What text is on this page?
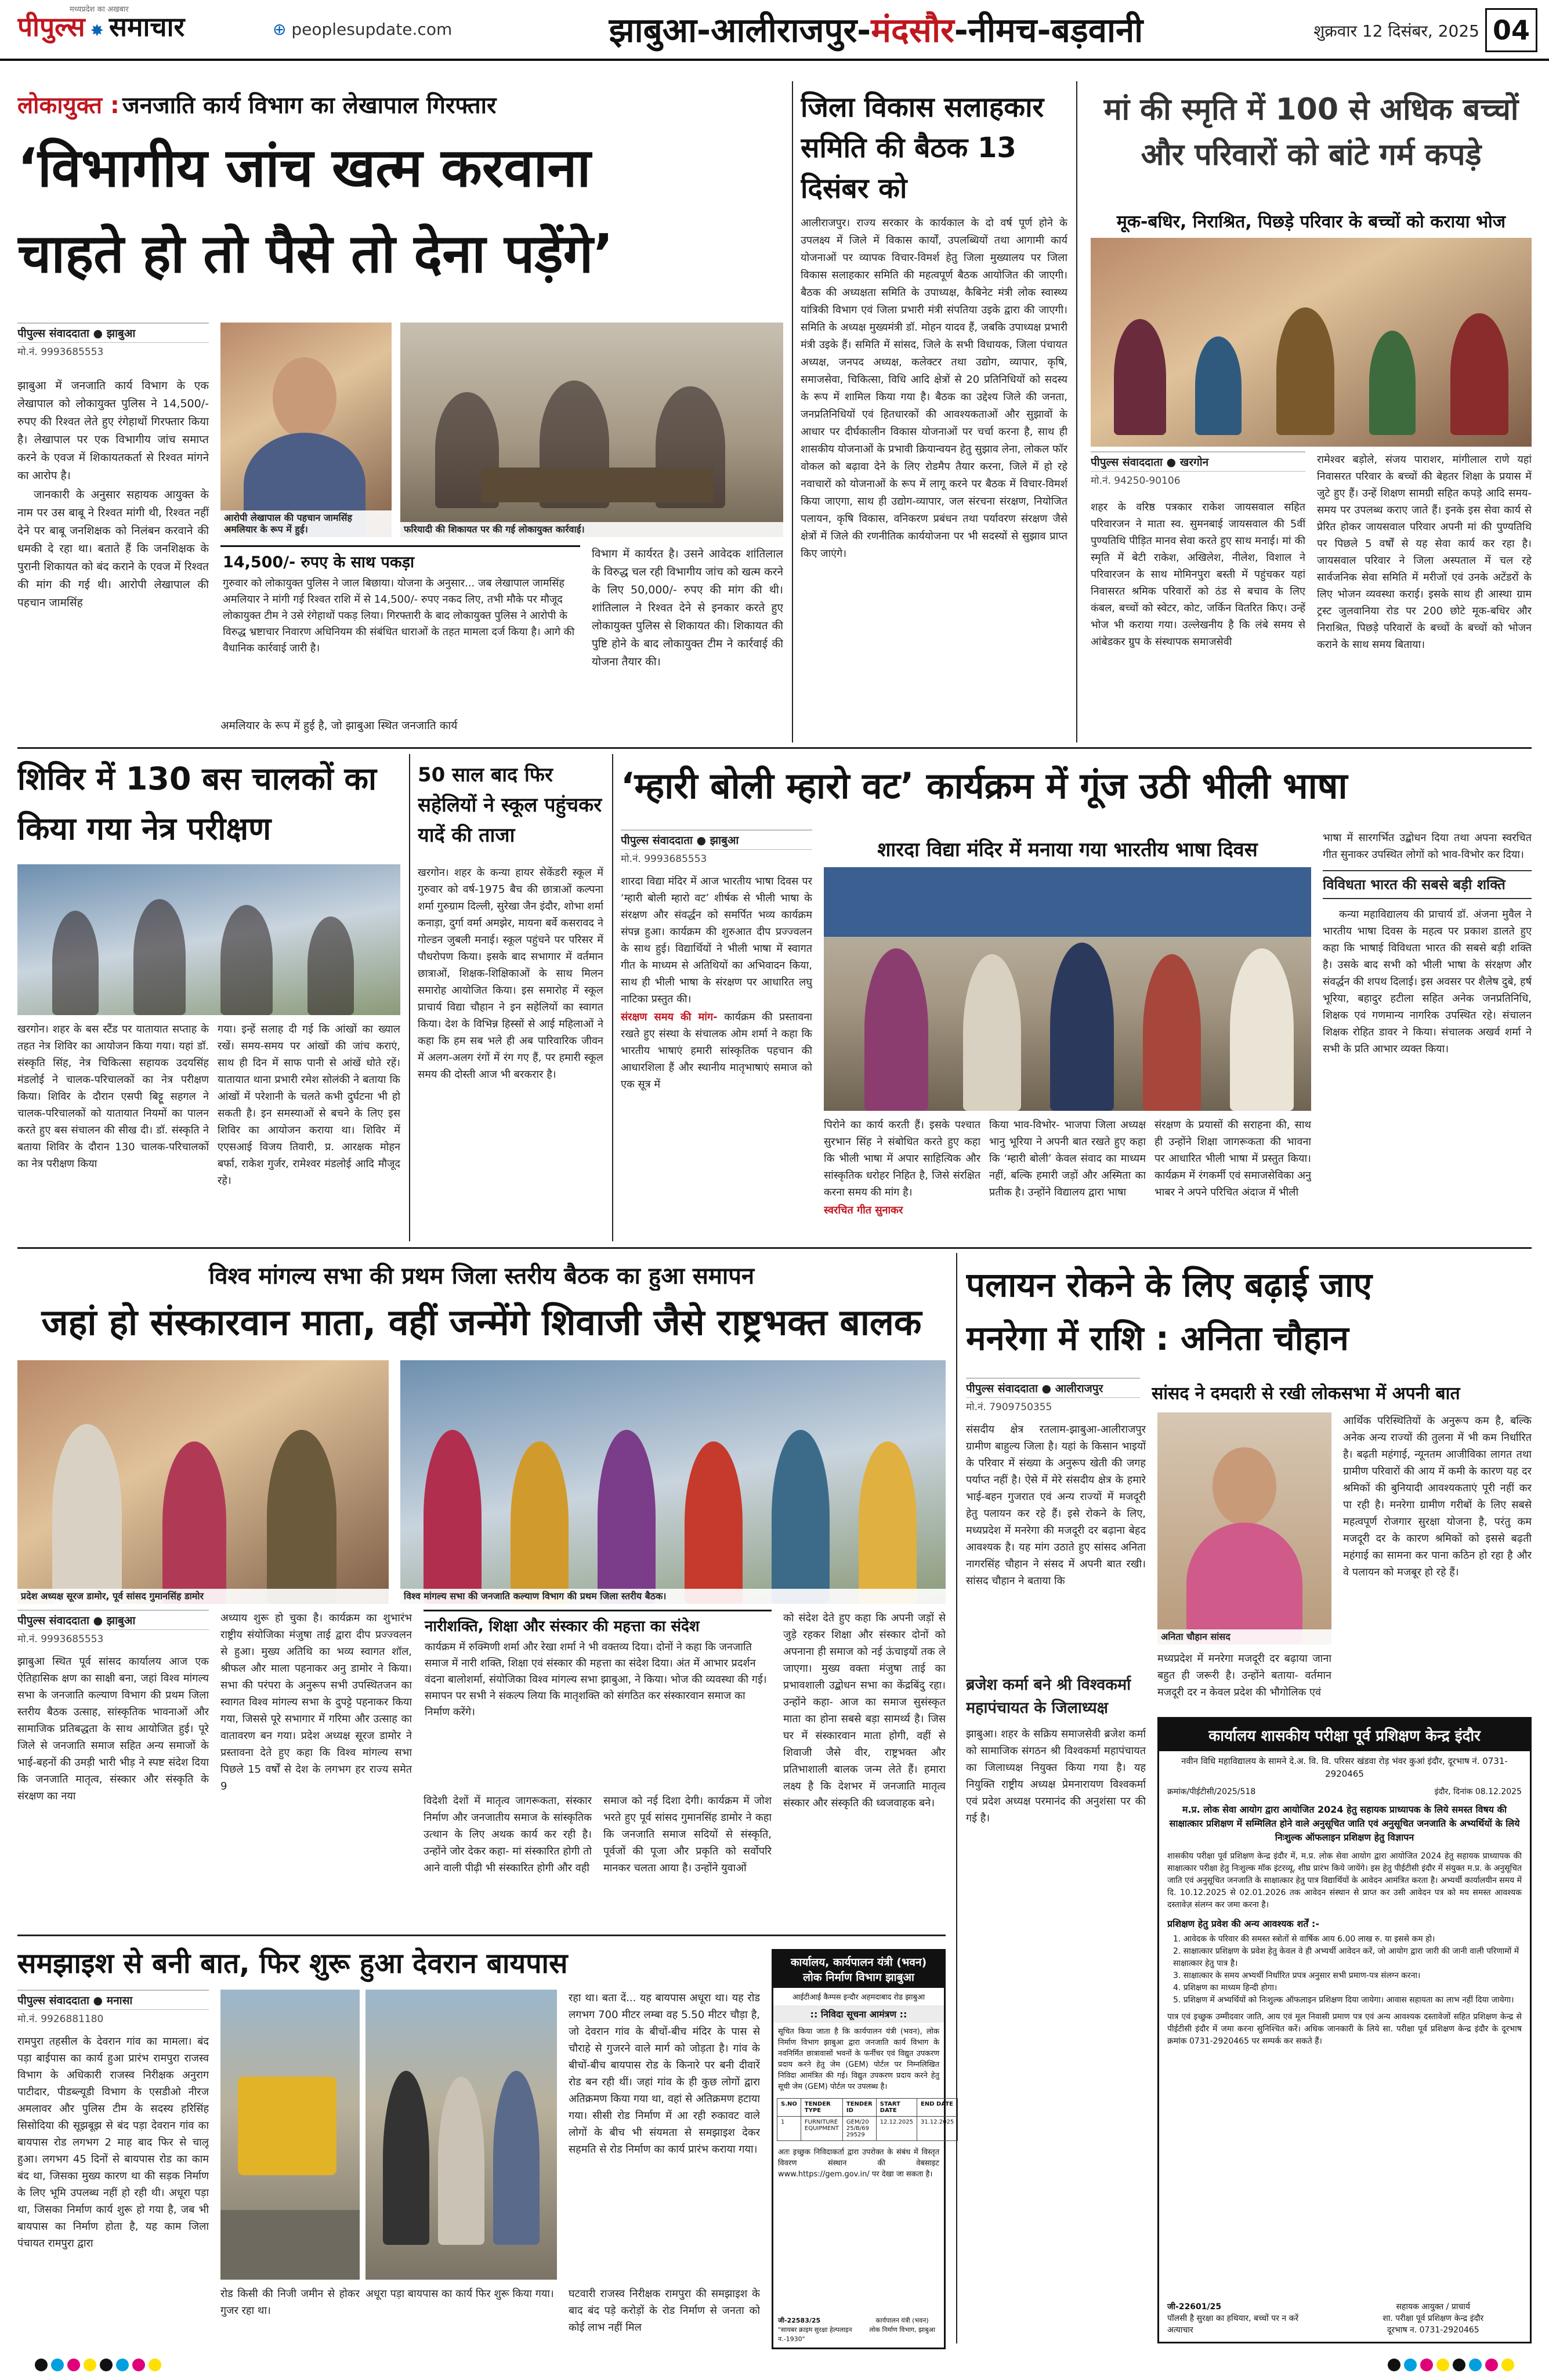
पीपुल्स ✸ समाचार
मध्यप्रदेश का अखबार
⊕ peoplesupdate.com	झाबुआ-आलीराजपुर-मंदसौर-नीमच-बड़वानी	शुक्रवार 12 दिसंबर, 2025 04
लोकायुक्त : जनजाति कार्य विभाग का लेखापाल गिरफ्तार
‘विभागीय जांच खत्म करवाना
चाहते हो तो पैसे तो देना पड़ेंगे’
पीपुल्स संवाददाता ● झाबुआ
मो.नं. 9993685553

झाबुआ में जनजाति कार्य विभाग के एक लेखापाल को लोकायुक्त पुलिस ने 14,500/- रुपए की रिश्वत लेते हुए रंगेहाथों गिरफ्तार किया है। लेखापाल पर एक विभागीय जांच समाप्त करने के एवज में शिकायतकर्ता से रिश्वत मांगने का आरोप है।

जानकारी के अनुसार सहायक आयुक्त के नाम पर उस बाबू ने रिश्वत मांगी थी, रिश्वत नहीं देने पर बाबू जनशिक्षक को निलंबन करवाने की धमकी दे रहा था। बताते हैं कि जनशिक्षक के पुरानी शिकायत को बंद कराने के एवज में रिश्वत की मांग की गई थी। आरोपी लेखापाल की पहचान जामसिंह

आरोपी लेखापाल की पहचान जामसिंह अमलियार के रूप में हुई।	फरियादी की शिकायत पर की गई लोकायुक्त कार्रवाई।
14,500/- रुपए के साथ पकड़ा
गुरुवार को लोकायुक्त पुलिस ने जाल बिछाया। योजना के अनुसार... जब लेखापाल जामसिंह अमलियार ने मांगी गई रिश्वत राशि में से 14,500/- रुपए नकद लिए, तभी मौके पर मौजूद लोकायुक्त टीम ने उसे रंगेहाथों पकड़ लिया। गिरफ्तारी के बाद लोकायुक्त पुलिस ने आरोपी के विरुद्ध भ्रष्टाचार निवारण अधिनियम की संबंधित धाराओं के तहत मामला दर्ज किया है। आगे की वैधानिक कार्रवाई जारी है।
अमलियार के रूप में हुई है, जो झाबुआ स्थित जनजाति कार्य
विभाग में कार्यरत है। उसने आवेदक शांतिलाल के विरुद्ध चल रही विभागीय जांच को खत्म करने के लिए 50,000/- रुपए की मांग की थी। शांतिलाल ने रिश्वत देने से इनकार करते हुए लोकायुक्त पुलिस से शिकायत की। शिकायत की पुष्टि होने के बाद लोकायुक्त टीम ने कार्रवाई की योजना तैयार की।
जिला विकास सलाहकार समिति की बैठक 13 दिसंबर को
आलीराजपुर। राज्य सरकार के कार्यकाल के दो वर्ष पूर्ण होने के उपलक्ष्य में जिले में विकास कार्यों, उपलब्धियों तथा आगामी कार्य योजनाओं पर व्यापक विचार-विमर्श हेतु जिला मुख्यालय पर जिला विकास सलाहकार समिति की महत्वपूर्ण बैठक आयोजित की जाएगी। बैठक की अध्यक्षता समिति के उपाध्यक्ष, कैबिनेट मंत्री लोक स्वास्थ्य यांत्रिकी विभाग एवं जिला प्रभारी मंत्री संपतिया उइके द्वारा की जाएगी। समिति के अध्यक्ष मुख्यमंत्री डॉ. मोहन यादव हैं, जबकि उपाध्यक्ष प्रभारी मंत्री उइके हैं। समिति में सांसद, जिले के सभी विधायक, जिला पंचायत अध्यक्ष, जनपद अध्यक्ष, कलेक्टर तथा उद्योग, व्यापार, कृषि, समाजसेवा, चिकित्सा, विधि आदि क्षेत्रों से 20 प्रतिनिधियों को सदस्य के रूप में शामिल किया गया है। बैठक का उद्देश्य जिले की जनता, जनप्रतिनिधियों एवं हितधारकों की आवश्यकताओं और सुझावों के आधार पर दीर्घकालीन विकास योजनाओं पर चर्चा करना है, साथ ही शासकीय योजनाओं के प्रभावी क्रियान्वयन हेतु सुझाव लेना, लोकल फॉर वोकल को बढ़ावा देने के लिए रोडमैप तैयार करना, जिले में हो रहे नवाचारों को योजनाओं के रूप में लागू करने पर बैठक में विचार-विमर्श किया जाएगा, साथ ही उद्योग-व्यापार, जल संरचना संरक्षण, नियोजित पलायन, कृषि विकास, वनिकरण प्रबंधन तथा पर्यावरण संरक्षण जैसे क्षेत्रों में जिले की रणनीतिक कार्ययोजना पर भी सदस्यों से सुझाव प्राप्त किए जाएंगे।
मां की स्मृति में 100 से अधिक बच्चों और परिवारों को बांटे गर्म कपड़े
मूक-बधिर, निराश्रित, पिछड़े परिवार के बच्चों को कराया भोज
पीपुल्स संवाददाता ● खरगोन
मो.नं. 94250-90106
शहर के वरिष्ठ पत्रकार राकेश जायसवाल सहित परिवारजन ने माता स्व. सुमनबाई जायसवाल की 5वीं पुण्यतिथि पीड़ित मानव सेवा करते हुए साथ मनाई। मां की स्मृति में बेटी राकेश, अखिलेश, नीलेश, विशाल ने परिवारजन के साथ मोमिनपुरा बस्ती में पहुंचकर यहां निवासरत श्रमिक परिवारों को ठंड से बचाव के लिए कंबल, बच्चों को स्वेटर, कोट, जर्किन वितरित किए। उन्हें भोज भी कराया गया। उल्लेखनीय है कि लंबे समय से आंबेडकर ग्रुप के संस्थापक समाजसेवी
रामेश्वर बड़ोले, संजय पाराशर, मांगीलाल राणे यहां निवासरत परिवार के बच्चों की बेहतर शिक्षा के प्रयास में जुटे हुए हैं। उन्हें शिक्षण सामग्री सहित कपड़े आदि समय-समय पर उपलब्ध कराए जाते हैं। इनके इस सेवा कार्य से प्रेरित होकर जायसवाल परिवार अपनी मां की पुण्यतिथि पर पिछले 5 वर्षों से यह सेवा कार्य कर रहा है। जायसवाल परिवार ने जिला अस्पताल में चल रहे सार्वजनिक सेवा समिति में मरीजों एवं उनके अटेंडरों के लिए भोजन व्यवस्था कराई। इसके साथ ही आस्था ग्राम ट्रस्ट जुलवानिया रोड पर 200 छोटे मूक-बधिर और निराश्रित, पिछड़े परिवारों के बच्चों के बच्चों को भोजन कराने के साथ समय बिताया।
शिविर में 130 बस चालकों का किया गया नेत्र परीक्षण
खरगोन। शहर के बस स्टैंड पर यातायात सप्ताह के तहत नेत्र शिविर का आयोजन किया गया। यहां डॉ. संस्कृति सिंह, नेत्र चिकित्सा सहायक उदयसिंह मंडलोई ने चालक-परिचालकों का नेत्र परीक्षण किया। शिविर के दौरान एसपी बिट्टू सहगल ने चालक-परिचालकों को यातायात नियमों का पालन करते हुए बस संचालन की सीख दी। डॉ. संस्कृति ने बताया शिविर के दौरान 130 चालक-परिचालकों का नेत्र परीक्षण किया
गया। इन्हें सलाह दी गई कि आंखों का ख्याल रखें। समय-समय पर आंखों की जांच कराएं, साथ ही दिन में साफ पानी से आंखें धोते रहें। यातायात थाना प्रभारी रमेश सोलंकी ने बताया कि आंखों में परेशानी के चलते कभी दुर्घटना भी हो सकती है। इन समस्याओं से बचने के लिए इस शिविर का आयोजन कराया था। शिविर में एएसआई विजय तिवारी, प्र. आरक्षक मोहन बर्फा, राकेश गुर्जर, रामेश्वर मंडलोई आदि मौजूद रहे।
50 साल बाद फिर सहेलियों ने स्कूल पहुंचकर यादें की ताजा
खरगोन। शहर के कन्या हायर सेकेंडरी स्कूल में गुरुवार को वर्ष-1975 बैच की छात्राओं कल्पना शर्मा गुरुग्राम दिल्ली, सुरेखा जैन इंदौर, शोभा शर्मा कनाड़ा, दुर्गा वर्मा अमझेर, मायना बर्वे कसरावद ने गोल्डन जुबली मनाई। स्कूल पहुंचने पर परिसर में पौधरोपण किया। इसके बाद सभागार में वर्तमान छात्राओं, शिक्षक-शिक्षिकाओं के साथ मिलन समारोह आयोजित किया। इस समारोह में स्कूल प्राचार्य विद्या चौहान ने इन सहेलियों का स्वागत किया। देश के विभिन्न हिस्सों से आई महिलाओं ने कहा कि हम सब भले ही अब पारिवारिक जीवन में अलग-अलग रंगों में रंग गए हैं, पर हमारी स्कूल समय की दोस्ती आज भी बरकरार है।
‘म्हारी बोली म्हारो वट’ कार्यक्रम में गूंज उठी भीली भाषा
पीपुल्स संवाददाता ● झाबुआ
मो.नं. 9993685553

शारदा विद्या मंदिर में आज भारतीय भाषा दिवस पर ‘म्हारी बोली म्हारो वट’ शीर्षक से भीली भाषा के संरक्षण और संवर्द्धन को समर्पित भव्य कार्यक्रम संपन्न हुआ। कार्यक्रम की शुरुआत दीप प्रज्ज्वलन के साथ हुई। विद्यार्थियों ने भीली भाषा में स्वागत गीत के माध्यम से अतिथियों का अभिवादन किया, साथ ही भीली भाषा के संरक्षण पर आधारित लघु नाटिका प्रस्तुत की।

संरक्षण समय की मांग- कार्यक्रम की प्रस्तावना रखते हुए संस्था के संचालक ओम शर्मा ने कहा कि भारतीय भाषाएं हमारी सांस्कृतिक पहचान की आधारशिला हैं और स्थानीय मातृभाषाएं समाज को एक सूत्र में

शारदा विद्या मंदिर में मनाया गया भारतीय भाषा दिवस

पिरोने का कार्य करती हैं। इसके पश्चात सुरभान सिंह ने संबोधित करते हुए कहा कि भीली भाषा में अपार साहित्यिक और सांस्कृतिक धरोहर निहित है, जिसे संरक्षित करना समय की मांग है।

स्वरचित गीत सुनाकर

किया भाव-विभोर- भाजपा जिला अध्यक्ष भानु भूरिया ने अपनी बात रखते हुए कहा कि ‘म्हारी बोली’ केवल संवाद का माध्यम नहीं, बल्कि हमारी जड़ों और अस्मिता का प्रतीक है। उन्होंने विद्यालय द्वारा भाषा
संरक्षण के प्रयासों की सराहना की, साथ ही उन्होंने शिक्षा जागरूकता की भावना पर आधारित भीली भाषा में प्रस्तुत किया। कार्यक्रम में रंगकर्मी एवं समाजसेविका अनु भाबर ने अपने परिचित अंदाज में भीली

भाषा में सारगर्भित उद्बोधन दिया तथा अपना स्वरचित गीत सुनाकर उपस्थित लोगों को भाव-विभोर कर दिया।

विविधता भारत की सबसे बड़ी शक्ति

कन्या महाविद्यालय की प्राचार्य डॉ. अंजना मुवैल ने भारतीय भाषा दिवस के महत्व पर प्रकाश डालते हुए कहा कि भाषाई विविधता भारत की सबसे बड़ी शक्ति है। उसके बाद सभी को भीली भाषा के संरक्षण और संवर्द्धन की शपथ दिलाई। इस अवसर पर शैलेष दुबे, हर्ष भूरिया, बहादुर हटीला सहित अनेक जनप्रतिनिधि, शिक्षक एवं गणमान्य नागरिक उपस्थित रहे। संचालन शिक्षक रोहित डावर ने किया। संचालक अखर्व शर्मा ने सभी के प्रति आभार व्यक्त किया।

विश्व मांगल्य सभा की प्रथम जिला स्तरीय बैठक का हुआ समापन
जहां हो संस्कारवान माता, वहीं जन्मेंगे शिवाजी जैसे राष्ट्रभक्त बालक
प्रदेश अध्यक्ष सूरज डामोर, पूर्व सांसद गुमानसिंह डामोर	विश्व मांगल्य सभा की जनजाति कल्याण विभाग की प्रथम जिला स्तरीय बैठक।
पीपुल्स संवाददाता ● झाबुआ
मो.नं. 9993685553
झाबुआ स्थित पूर्व सांसद कार्यालय आज एक ऐतिहासिक क्षण का साक्षी बना, जहां विश्व मांगल्य सभा के जनजाति कल्याण विभाग की प्रथम जिला स्तरीय बैठक उत्साह, सांस्कृतिक भावनाओं और सामाजिक प्रतिबद्धता के साथ आयोजित हुई। पूरे जिले से जनजाति समाज सहित अन्य समाजों के भाई-बहनों की उमड़ी भारी भीड़ ने स्पष्ट संदेश दिया कि जनजाति मातृत्व, संस्कार और संस्कृति के संरक्षण का नया
अध्याय शुरू हो चुका है। कार्यक्रम का शुभारंभ राष्ट्रीय संयोजिका मंजुषा ताई द्वारा दीप प्रज्ज्वलन से हुआ। मुख्य अतिथि का भव्य स्वागत शॉल, श्रीफल और माला पहनाकर अनु डामोर ने किया। सभा की परंपरा के अनुरूप सभी उपस्थितजन का स्वागत विश्व मांगल्य सभा के दुपट्टे पहनाकर किया गया, जिससे पूरे सभागार में गरिमा और उत्साह का वातावरण बन गया। प्रदेश अध्यक्ष सूरज डामोर ने प्रस्तावना देते हुए कहा कि विश्व मांगल्य सभा पिछले 15 वर्षों से देश के लगभग हर राज्य समेत 9
नारीशक्ति, शिक्षा और संस्कार की महत्ता का संदेश
कार्यक्रम में रुक्मिणी शर्मा और रेखा शर्मा ने भी वक्तव्य दिया। दोनों ने कहा कि जनजाति समाज में नारी शक्ति, शिक्षा एवं संस्कार की महत्ता का संदेश दिया। अंत में आभार प्रदर्शन वंदना बालोशर्मा, संयोजिका विश्व मांगल्य सभा झाबुआ, ने किया। भोज की व्यवस्था की गई। समापन पर सभी ने संकल्प लिया कि मातृशक्ति को संगठित कर संस्कारवान समाज का निर्माण करेंगे।
विदेशी देशों में मातृत्व जागरूकता, संस्कार निर्माण और जनजातीय समाज के सांस्कृतिक उत्थान के लिए अथक कार्य कर रही है। उन्होंने जोर देकर कहा- मां संस्कारित होगी तो आने वाली पीढ़ी भी संस्कारित होगी और वही
समाज को नई दिशा देगी। कार्यक्रम में जोश भरते हुए पूर्व सांसद गुमानसिंह डामोर ने कहा कि जनजाति समाज सदियों से संस्कृति, पूर्वजों की पूजा और प्रकृति को सर्वोपरि मानकर चलता आया है। उन्होंने युवाओं
को संदेश देते हुए कहा कि अपनी जड़ों से जुड़े रहकर शिक्षा और संस्कार दोनों को अपनाना ही समाज को नई ऊंचाइयों तक ले जाएगा। मुख्य वक्ता मंजुषा ताई का प्रभावशाली उद्बोधन सभा का केंद्रबिंदु रहा। उन्होंने कहा- आज का समाज सुसंस्कृत माता का होना सबसे बड़ा सामर्थ्य है। जिस घर में संस्कारवान माता होगी, वहीं से शिवाजी जैसे वीर, राष्ट्रभक्त और प्रतिभाशाली बालक जन्म लेते हैं। हमारा लक्ष्य है कि देशभर में जनजाति मातृत्व संस्कार और संस्कृति की ध्वजवाहक बने।
पलायन रोकने के लिए बढ़ाई जाए
मनरेगा में राशि : अनिता चौहान
पीपुल्स संवाददाता ● आलीराजपुर
मो.नं. 7909750355
सांसद ने दमदारी से रखी लोकसभा में अपनी बात
संसदीय क्षेत्र रतलाम-झाबुआ-आलीराजपुर ग्रामीण बाहुल्य जिला है। यहां के किसान भाइयों के परिवार में संख्या के अनुरूप खेती की जगह पर्याप्त नहीं है। ऐसे में मेरे संसदीय क्षेत्र के हमारे भाई-बहन गुजरात एवं अन्य राज्यों में मजदूरी हेतु पलायन कर रहे हैं। इसे रोकने के लिए, मध्यप्रदेश में मनरेगा की मजदूरी दर बढ़ाना बेहद आवश्यक है। यह मांग उठाते हुए सांसद अनिता नागरसिंह चौहान ने संसद में अपनी बात रखी। सांसद चौहान ने बताया कि
अनिता चौहान सांसद
आर्थिक परिस्थितियों के अनुरूप कम है, बल्कि अनेक अन्य राज्यों की तुलना में भी कम निर्धारित है। बढ़ती महंगाई, न्यूनतम आजीविका लागत तथा ग्रामीण परिवारों की आय में कमी के कारण यह दर श्रमिकों की बुनियादी आवश्यकताएं पूरी नहीं कर पा रही है। मनरेगा ग्रामीण गरीबों के लिए सबसे महत्वपूर्ण रोजगार सुरक्षा योजना है, परंतु कम मजदूरी दर के कारण श्रमिकों को इससे बढ़ती महंगाई का सामना कर पाना कठिन हो रहा है और वे पलायन को मजबूर हो रहे हैं।
मध्यप्रदेश में मनरेगा मजदूरी दर बढ़ाया जाना बहुत ही जरूरी है। उन्होंने बताया- वर्तमान मजदूरी दर न केवल प्रदेश की भौगोलिक एवं
ब्रजेश कर्मा बने श्री विश्वकर्मा महापंचायत के जिलाध्यक्ष
झाबुआ। शहर के सक्रिय समाजसेवी ब्रजेश कर्मा को सामाजिक संगठन श्री विश्वकर्मा महापंचायत का जिलाध्यक्ष नियुक्त किया गया है। यह नियुक्ति राष्ट्रीय अध्यक्ष प्रेमनारायण विश्वकर्मा एवं प्रदेश अध्यक्ष परमानंद की अनुशंसा पर की गई है।
कार्यालय शासकीय परीक्षा पूर्व प्रशिक्षण केन्द्र इंदौर
नवीन विधि महाविद्यालय के सामने दे.अ. वि. वि. परिसर खंडवा रोड़ भंवर कुआं इंदौर, दूरभाष नं. 0731-2920465
क्रमांक/पीईटीसी/2025/518	इंदौर, दिनांक 08.12.2025
म.प्र. लोक सेवा आयोग द्वारा आयोजित 2024 हेतु सहायक प्राध्यापक के लिये समस्त विषय की साक्षात्कार प्रशिक्षण में सम्मिलित होने वाले अनुसूचित जाति एवं अनुसूचित जनजाति के अभ्यर्थियों के लिये निःशुल्क ऑफलाइन प्रशिक्षण हेतु विज्ञापन
शासकीय परीक्षा पूर्व प्रशिक्षण केन्द्र इंदौर में, म.प्र. लोक सेवा आयोग द्वारा आयोजित 2024 हेतु सहायक प्राध्यापक की साक्षात्कार परीक्षा हेतु निःशुल्क मॉक इंटरव्यू, शीघ्र प्रारंभ किये जायेंगे। इस हेतु पीईटीसी इंदौर में संयुक्त म.प्र. के अनुसूचित जाति एवं अनुसूचित जनजाति के साक्षात्कार हेतु पात्र विद्यार्थियों के आवेदन आमंत्रित करता है। अभ्यर्थी कार्यालयीन समय में दि. 10.12.2025 से 02.01.2026 तक आवेदन संस्थान से प्राप्त कर उसी आवेदन पत्र को मय समस्त आवश्यक दस्तावेज़ संलग्न कर जमा करना है।
प्रशिक्षण हेतु प्रवेश की अन्य आवश्यक शर्तें :-
1. आवेदक के परिवार की समस्त स्त्रोतों से वार्षिक आय 6.00 लाख रु. या इससे कम हो।
2. साक्षात्कार प्रशिक्षण के प्रवेश हेतु केवल वे ही अभ्यर्थी आवेदन करें, जो आयोग द्वारा जारी की जानी वाली परिणामों में साक्षात्कार हेतु पात्र है।
3. साक्षात्कार के समय अभ्यर्थी निर्धारित प्रपत्र अनुसार सभी प्रमाण-पत्र संलग्न करना।
4. प्रशिक्षण का माध्यम हिन्दी होगा।
5. प्रशिक्षण में अभ्यर्थियों को निःशुल्क ऑफलाइन प्रशिक्षण दिया जायेगा। आवास सहायता का लाभ नहीं दिया जायेगा।
पात्र एवं इच्छुक उम्मीदवार जाति, आय एवं मूल निवासी प्रमाण पत्र एवं अन्य आवश्यक दस्तावेजों सहित प्रशिक्षण केन्द्र से पीईटीसी इंदौर में जमा करना सुनिश्चित करें। अधिक जानकारी के लिये सा. परीक्षा पूर्व प्रशिक्षण केन्द्र इंदौर के दूरभाष क्रमांक 0731-2920465 पर सम्पर्क कर सकते हैं।
जी-22601/25
पॉलसी है सुरक्षा का हथियार, बच्चों पर न करें अत्याचार
सहायक आयुक्त / प्राचार्य
शा. परीक्षा पूर्व प्रशिक्षण केन्द्र इंदौर
दूरभाष न. 0731-2920465
समझाइश से बनी बात, फिर शुरू हुआ देवरान बायपास
पीपुल्स संवाददाता ● मनासा
मो.नं. 9926881180
रामपुरा तहसील के देवरान गांव का मामला। बंद पड़ा बाईपास का कार्य हुआ प्रारंभ रामपुरा राजस्व विभाग के अधिकारी राजस्व निरीक्षक अनुराग पाटीदार, पीडब्ल्यूडी विभाग के एसडीओ नीरज अमलावर और पुलिस टीम के सदस्य हरिसिंह सिसोदिया की सूझबूझ से बंद पड़ा देवरान गांव का बायपास रोड लगभग 2 माह बाद फिर से चालू हुआ। लगभग 45 दिनों से बायपास रोड का काम बंद था, जिसका मुख्य कारण था की सड़क निर्माण के लिए भूमि उपलब्ध नहीं हो रही थी। अधूरा पड़ा था, जिसका निर्माण कार्य शुरू हो गया है, जब भी बायपास का निर्माण होता है, यह काम जिला पंचायत रामपुरा द्वारा
रोड किसी की निजी जमीन से होकर गुजर रहा था।
अधूरा पड़ा बायपास का कार्य फिर शुरू किया गया।
रहा था। बता दें... यह बायपास अधूरा था। यह रोड लगभग 700 मीटर लम्बा वह 5.50 मीटर चौड़ा है, जो देवरान गांव के बीचों-बीच मंदिर के पास से चौराहे से गुजरने वाले मार्ग को जोड़ता है। गांव के बीचों-बीच बायपास रोड के किनारे पर बनी दीवारें रोड बन रही थीं। जहां गांव के ही कुछ लोगों द्वारा अतिक्रमण किया गया था, वहां से अतिक्रमण हटाया गया। सीसी रोड निर्माण में आ रही रुकावट वाले लोगों के बीच भी संयमता से समझाइश देकर सहमति से रोड निर्माण का कार्य प्रारंभ कराया गया।
घटवारी राजस्व निरीक्षक रामपुरा की समझाइश के बाद बंद पड़े करोड़ों के रोड निर्माण से जनता को कोई लाभ नहीं मिल
कार्यालय, कार्यपालन यंत्री (भवन)
लोक निर्माण विभाग झाबुआ
आईटीआई कैम्पस इन्दौर अहमदाबाद रोड झाबुआ
:: निविदा सूचना आमंत्रण ::
सूचित किया जाता है कि कार्यपालन यंत्री (भवन), लोक निर्माण विभाग झाबुआ द्वारा जनजाति कार्य विभाग के नवनिर्मित छात्रावासों भवनों के फर्नीचर एवं विद्युत उपकरण प्रदाय करने हेतु जेम (GEM) पोर्टल पर निम्नलिखित निविदा आमंत्रित की गई। विद्युत उपकरण प्रदाय करने हेतु सूची जेम (GEM) पोर्टल पर उपलब्ध है।
S.NO	TENDER TYPE	TENDER ID	START DATE	END DATE
1	FURNITURE EQUIPMENT	GEM/2025/B/6929529	12.12.2025	31.12.2025
अतः इच्छुक निविदाकर्ता द्वारा उपरोक्त के संबंध में विस्तृत विवरण संस्थान की वेबसाइट www.https://gem.gov.in/ पर देखा जा सकता है।
जी-22583/25
"सायबर क्राइम सुरक्षा हेल्पलाइन न.-1930"
कार्यपालन यंत्री (भवन)
लोक निर्माण विभाग, झाबुआ
